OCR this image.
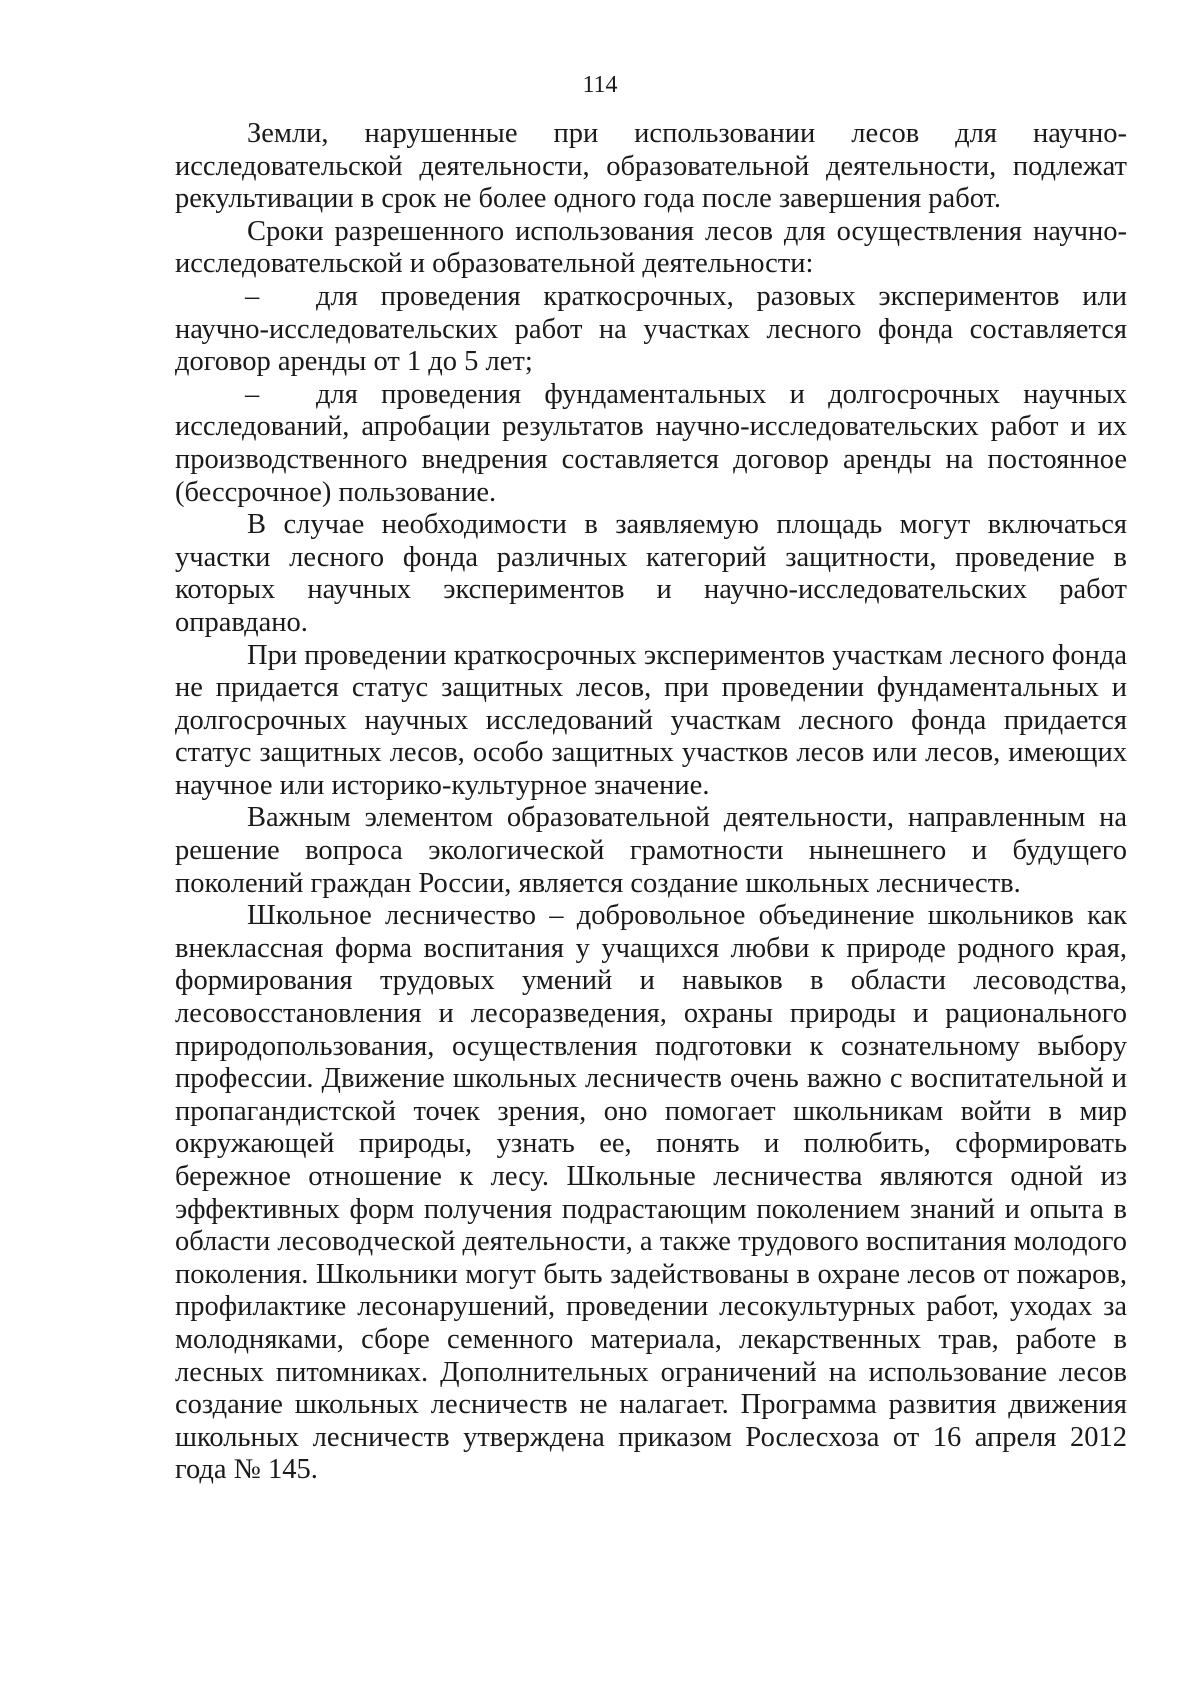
114

Земли, нарушенные при использовании лесов для научно-исследовательской деятельности, образовательной деятельности, подлежат рекультивации в срок не более одного года после завершения работ.

Сроки разрешенного использования лесов для осуществления научно-исследовательской и образовательной деятельности:

– для проведения краткосрочных, разовых экспериментов или научно-исследовательских работ на участках лесного фонда составляется договор аренды от 1 до 5 лет;

– для проведения фундаментальных и долгосрочных научных исследований, апробации результатов научно-исследовательских работ и их производственного внедрения составляется договор аренды на постоянное (бессрочное) пользование.

В случае необходимости в заявляемую площадь могут включаться участки лесного фонда различных категорий защитности, проведение в которых научных экспериментов и научно-исследовательских работ оправдано.

При проведении краткосрочных экспериментов участкам лесного фонда не придается статус защитных лесов, при проведении фундаментальных и долгосрочных научных исследований участкам лесного фонда придается статус защитных лесов, особо защитных участков лесов или лесов, имеющих научное или историко-культурное значение.

Важным элементом образовательной деятельности, направленным на решение вопроса экологической грамотности нынешнего и будущего поколений граждан России, является создание школьных лесничеств.

Школьное лесничество – добровольное объединение школьников как внеклассная форма воспитания у учащихся любви к природе родного края, формирования трудовых умений и навыков в области лесоводства, лесовосстановления и лесоразведения, охраны природы и рационального природопользования, осуществления подготовки к сознательному выбору профессии. Движение школьных лесничеств очень важно с воспитательной и пропагандистской точек зрения, оно помогает школьникам войти в мир окружающей природы, узнать ее, понять и полюбить, сформировать бережное отношение к лесу. Школьные лесничества являются одной из эффективных форм получения подрастающим поколением знаний и опыта в области лесоводческой деятельности, а также трудового воспитания молодого поколения. Школьники могут быть задействованы в охране лесов от пожаров, профилактике лесонарушений, проведении лесокультурных работ, уходах за молодняками, сборе семенного материала, лекарственных трав, работе в лесных питомниках. Дополнительных ограничений на использование лесов создание школьных лесничеств не налагает. Программа развития движения школьных лесничеств утверждена приказом Рослесхоза от 16 апреля 2012 года № 145.
